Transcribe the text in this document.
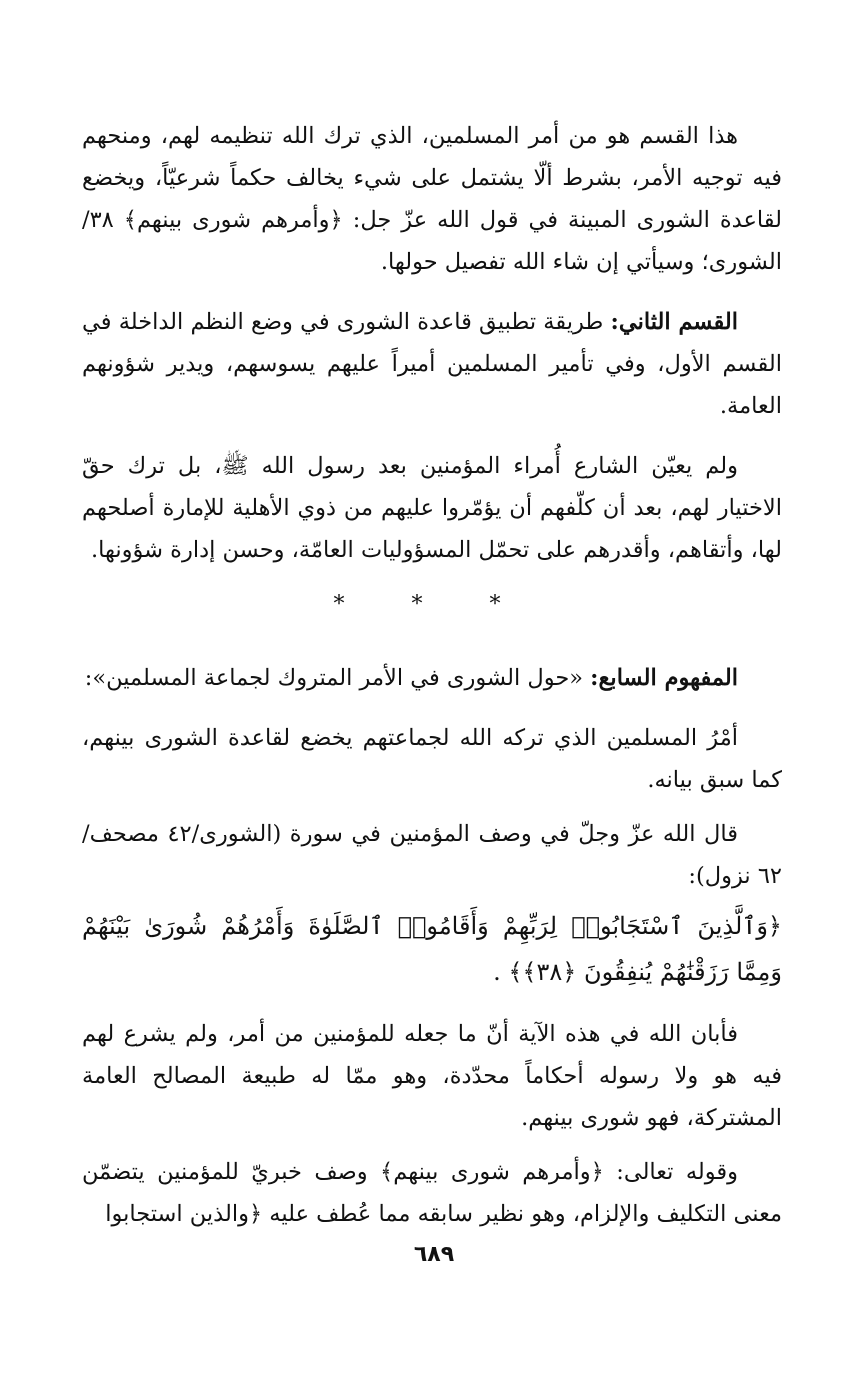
هذا القسم هو من أمر المسلمين، الذي ترك الله تنظيمه لهم، ومنحهم فيه توجيه الأمر، بشرط ألّا يشتمل على شيء يخالف حكماً شرعيّاً، ويخضع لقاعدة الشورى المبينة في قول الله عزّ جل: ﴿وأمرهم شورى بينهم﴾ ٣٨/ الشورى؛ وسيأتي إن شاء الله تفصيل حولها.

القسم الثاني: طريقة تطبيق قاعدة الشورى في وضع النظم الداخلة في القسم الأول، وفي تأمير المسلمين أميراً عليهم يسوسهم، ويدير شؤونهم العامة.

ولم يعيّن الشارع أُمراء المؤمنين بعد رسول الله ﷺ، بل ترك حقّ الاختيار لهم، بعد أن كلّفهم أن يؤمّروا عليهم من ذوي الأهلية للإمارة أصلحهم لها، وأتقاهم، وأقدرهم على تحمّل المسؤوليات العامّة، وحسن إدارة شؤونها.

* * *

المفهوم السابع: «حول الشورى في الأمر المتروك لجماعة المسلمين»:

أمْرُ المسلمين الذي تركه الله لجماعتهم يخضع لقاعدة الشورى بينهم، كما سبق بيانه.

قال الله عزّ وجلّ في وصف المؤمنين في سورة (الشورى/٤٢ مصحف/٦٢ نزول):

﴿وَٱلَّذِينَ ٱسْتَجَابُوا۟ لِرَبِّهِمْ وَأَقَامُوا۟ ٱلصَّلَوٰةَ وَأَمْرُهُمْ شُورَىٰ بَيْنَهُمْ وَمِمَّا رَزَقْنَٰهُمْ يُنفِقُونَ ﴿٣٨﴾﴾ .

فأبان الله في هذه الآية أنّ ما جعله للمؤمنين من أمر، ولم يشرع لهم فيه هو ولا رسوله أحكاماً محدّدة، وهو ممّا له طبيعة المصالح العامة المشتركة، فهو شورى بينهم.

وقوله تعالى: ﴿وأمرهم شورى بينهم﴾ وصف خبريّ للمؤمنين يتضمّن معنى التكليف والإلزام، وهو نظير سابقه مما عُطف عليه ﴿والذين استجابوا

٦٨٩
